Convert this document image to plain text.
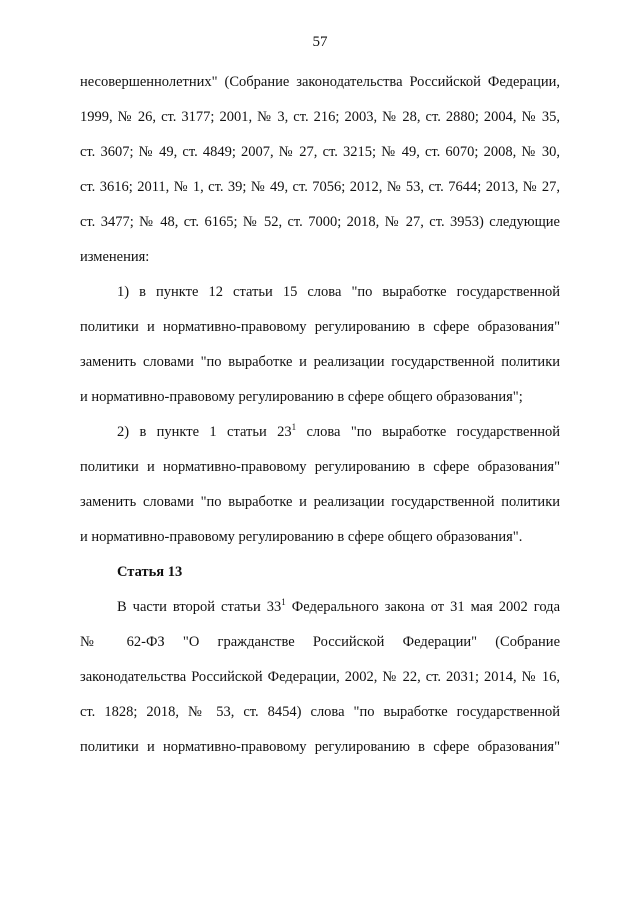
57
несовершеннолетних" (Собрание законодательства Российской Федерации,
1999, № 26, ст. 3177; 2001, № 3, ст. 216; 2003, № 28, ст. 2880; 2004, № 35,
ст. 3607; № 49, ст. 4849; 2007, № 27, ст. 3215; № 49, ст. 6070; 2008, № 30,
ст. 3616; 2011, № 1, ст. 39; № 49, ст. 7056; 2012, № 53, ст. 7644; 2013, № 27,
ст. 3477; № 48, ст. 6165; № 52, ст. 7000; 2018, № 27, ст. 3953) следующие
изменения:
1) в пункте 12 статьи 15 слова "по выработке государственной
политики и нормативно-правовому регулированию в сфере образования"
заменить словами "по выработке и реализации государственной политики
и нормативно-правовому регулированию в сфере общего образования";
2) в пункте 1 статьи $23^1$ слова "по выработке государственной
политики и нормативно-правовому регулированию в сфере образования"
заменить словами "по выработке и реализации государственной политики
и нормативно-правовому регулированию в сфере общего образования".
Статья 13
В части второй статьи $33^1$ Федерального закона от 31 мая 2002 года
№ 62-ФЗ "О гражданстве Российской Федерации" (Собрание
законодательства Российской Федерации, 2002, № 22, ст. 2031; 2014, № 16,
ст. 1828; 2018, № 53, ст. 8454) слова "по выработке государственной
политики и нормативно-правовому регулированию в сфере образования"
